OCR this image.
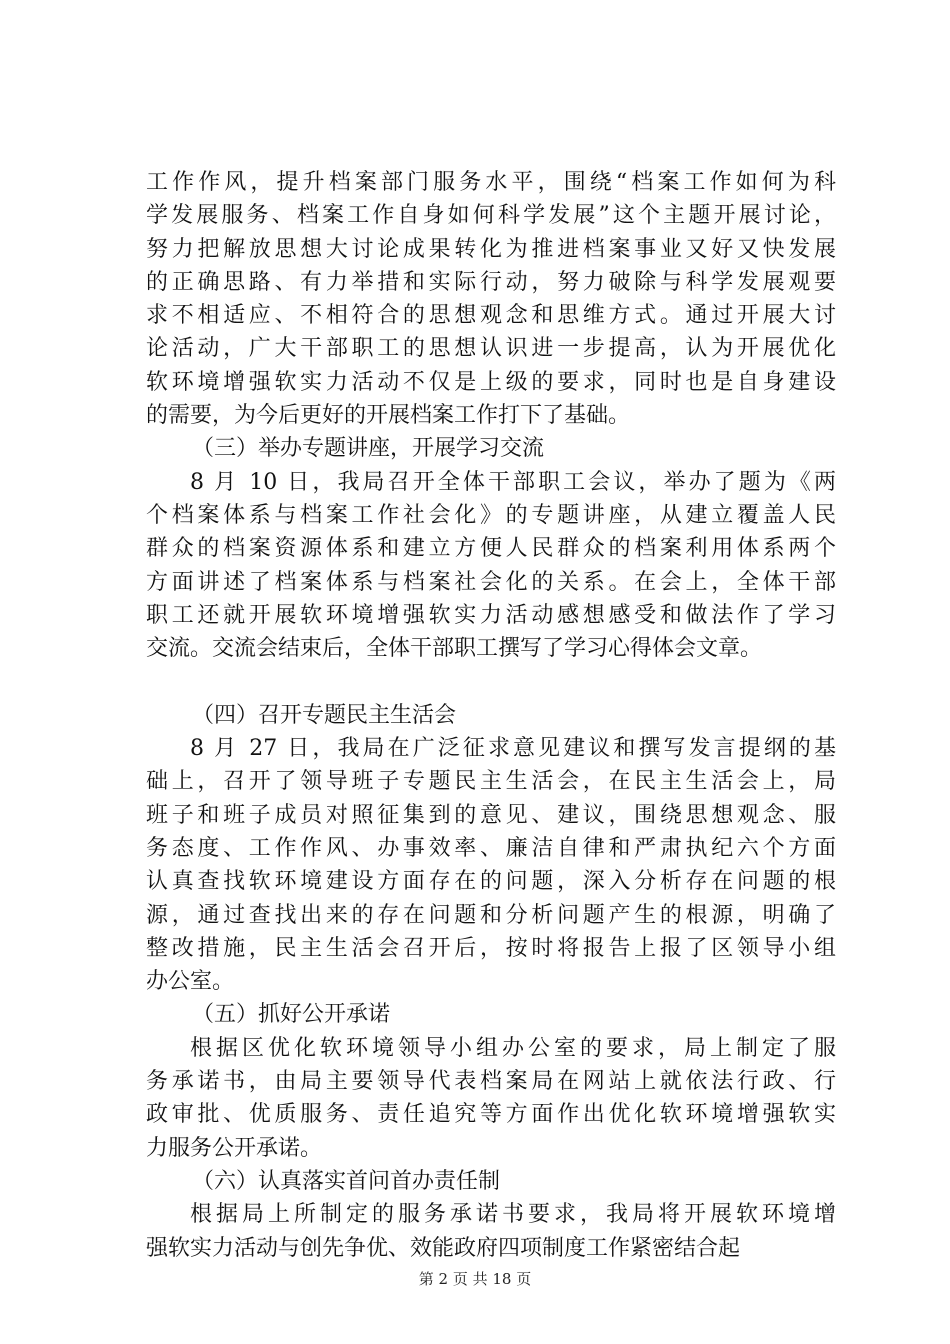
工作作风，提升档案部门服务水平，围绕“档案工作如何为科
学发展服务、档案工作自身如何科学发展”这个主题开展讨论，
努力把解放思想大讨论成果转化为推进档案事业又好又快发展
的正确思路、有力举措和实际行动，努力破除与科学发展观要
求不相适应、不相符合的思想观念和思维方式。通过开展大讨
论活动，广大干部职工的思想认识进一步提高，认为开展优化
软环境增强软实力活动不仅是上级的要求，同时也是自身建设
的需要，为今后更好的开展档案工作打下了基础。
（三）举办专题讲座，开展学习交流
8 月 10 日，我局召开全体干部职工会议，举办了题为《两
个档案体系与档案工作社会化》的专题讲座，从建立覆盖人民
群众的档案资源体系和建立方便人民群众的档案利用体系两个
方面讲述了档案体系与档案社会化的关系。在会上，全体干部
职工还就开展软环境增强软实力活动感想感受和做法作了学习
交流。交流会结束后，全体干部职工撰写了学习心得体会文章。
（四）召开专题民主生活会
8 月 27 日，我局在广泛征求意见建议和撰写发言提纲的基
础上，召开了领导班子专题民主生活会，在民主生活会上，局
班子和班子成员对照征集到的意见、建议，围绕思想观念、服
务态度、工作作风、办事效率、廉洁自律和严肃执纪六个方面
认真查找软环境建设方面存在的问题，深入分析存在问题的根
源，通过查找出来的存在问题和分析问题产生的根源，明确了
整改措施，民主生活会召开后，按时将报告上报了区领导小组
办公室。
（五）抓好公开承诺
根据区优化软环境领导小组办公室的要求，局上制定了服
务承诺书，由局主要领导代表档案局在网站上就依法行政、行
政审批、优质服务、责任追究等方面作出优化软环境增强软实
力服务公开承诺。
（六）认真落实首问首办责任制
根据局上所制定的服务承诺书要求，我局将开展软环境增
强软实力活动与创先争优、效能政府四项制度工作紧密结合起
第 2 页 共 18 页
